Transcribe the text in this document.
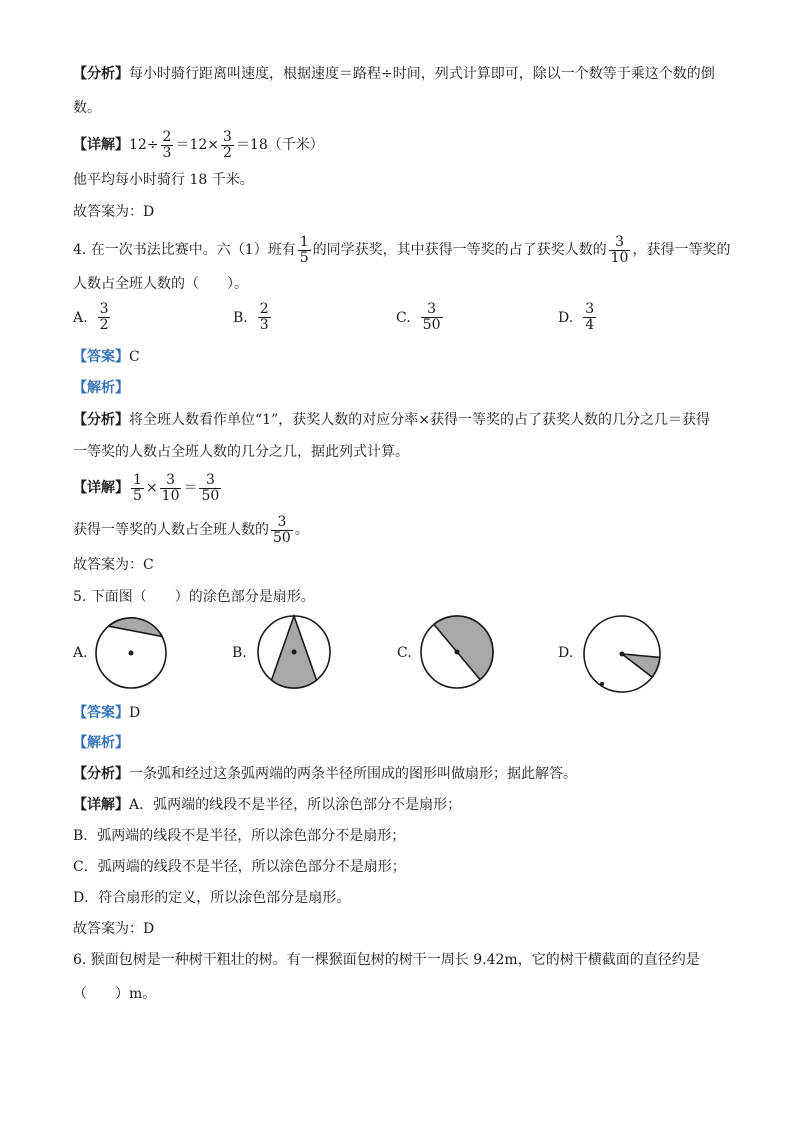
【分析】每小时骑行距离叫速度，根据速度＝路程÷时间，列式计算即可，除以一个数等于乘这个数的倒
数。
【详解】$12\div \frac{2}{3} =12\times \frac{3}{2} =18$（千米）
他平均每小时骑行 18 千米。
故答案为：D
4. 在一次书法比赛中。六（1）班有 $\frac{1}{5}$ 的同学获奖，其中获得一等奖的占了获奖人数的 $\frac{3}{10}$ ，获得一等奖的
人数占全班人数的（　　）。
A. $\frac{3}{2}$	B. $\frac{2}{3}$	C. $\frac{3}{50}$	D. $\frac{3}{4}$
【答案】C
【解析】
【分析】将全班人数看作单位“1”，获奖人数的对应分率×获得一等奖的占了获奖人数的几分之几＝获得
一等奖的人数占全班人数的几分之几，据此列式计算。
【详解】 $\frac{1}{5} \times \frac{3}{10} = \frac{3}{50}$
获得一等奖的人数占全班人数的 $\frac{3}{50}$ 。
故答案为：C
5. 下面图（　　）的涂色部分是扇形。
A.	B.	C.	D.
【答案】D
【解析】
【分析】一条弧和经过这条弧两端的两条半径所围成的图形叫做扇形；据此解答。
【详解】A．弧两端的线段不是半径，所以涂色部分不是扇形；
B．弧两端的线段不是半径，所以涂色部分不是扇形；
C．弧两端的线段不是半径，所以涂色部分不是扇形；
D．符合扇形的定义，所以涂色部分是扇形。
故答案为：D
6. 猴面包树是一种树干粗壮的树。有一棵猴面包树的树干一周长 9.42m，它的树干横截面的直径约是
（　　）m。
